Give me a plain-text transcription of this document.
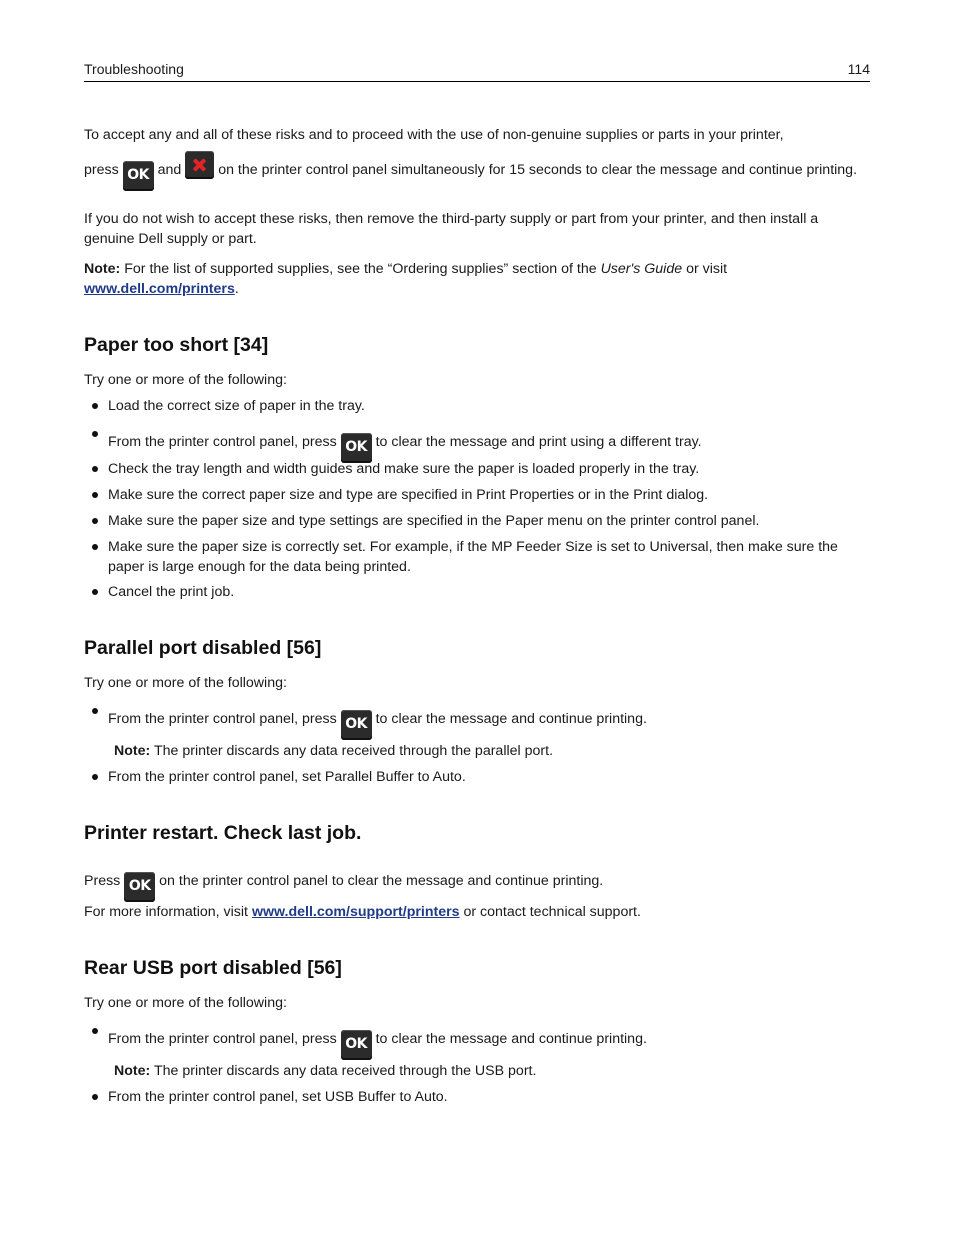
Troubleshooting	114
To accept any and all of these risks and to proceed with the use of non-genuine supplies or parts in your printer,
press OK and	on the printer control panel simultaneously for 15 seconds to clear the message and continue printing.
If you do not wish to accept these risks, then remove the third-party supply or part from your printer, and then install a genuine Dell supply or part.
Note: For the list of supported supplies, see the “Ordering supplies” section of the User's Guide or visit
www.dell.com/printers.
Paper too short [34]
Try one or more of the following:
Load the correct size of paper in the tray.
From the printer control panel, press OK to clear the message and print using a different tray.
Check the tray length and width guides and make sure the paper is loaded properly in the tray.
Make sure the correct paper size and type are specified in Print Properties or in the Print dialog.
Make sure the paper size and type settings are specified in the Paper menu on the printer control panel.
Make sure the paper size is correctly set. For example, if the MP Feeder Size is set to Universal, then make sure the paper is large enough for the data being printed.
Cancel the print job.
Parallel port disabled [56]
Try one or more of the following:
From the printer control panel, press OK to clear the message and continue printing.
Note: The printer discards any data received through the parallel port.
From the printer control panel, set Parallel Buffer to Auto.
Printer restart. Check last job.
Press OK on the printer control panel to clear the message and continue printing.
For more information, visit www.dell.com/support/printers or contact technical support.
Rear USB port disabled [56]
Try one or more of the following:
From the printer control panel, press OK to clear the message and continue printing.
Note: The printer discards any data received through the USB port.
From the printer control panel, set USB Buffer to Auto.
